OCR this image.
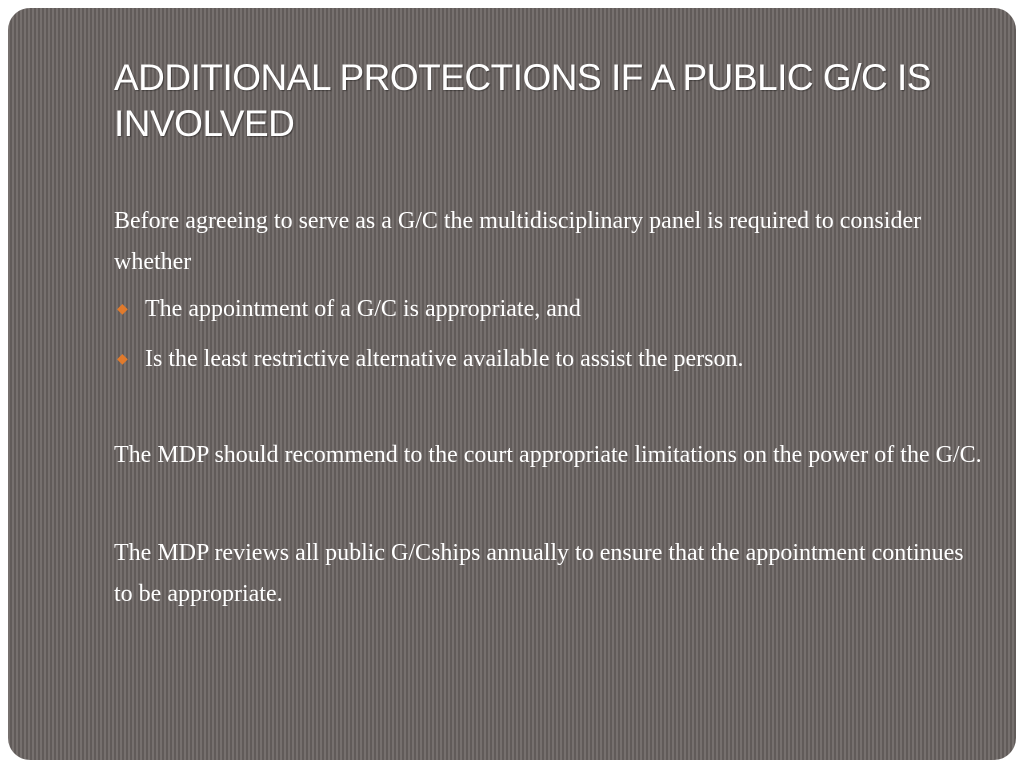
ADDITIONAL PROTECTIONS IF A PUBLIC G/C IS INVOLVED

Before agreeing to serve as a G/C the multidisciplinary panel is required to consider whether

◆ The appointment of a G/C is appropriate, and
◆ Is the least restrictive alternative available to assist the person.

The MDP should recommend to the court appropriate limitations on the power of the G/C.

The MDP reviews all public G/Cships annually to ensure that the appointment continues to be appropriate.
